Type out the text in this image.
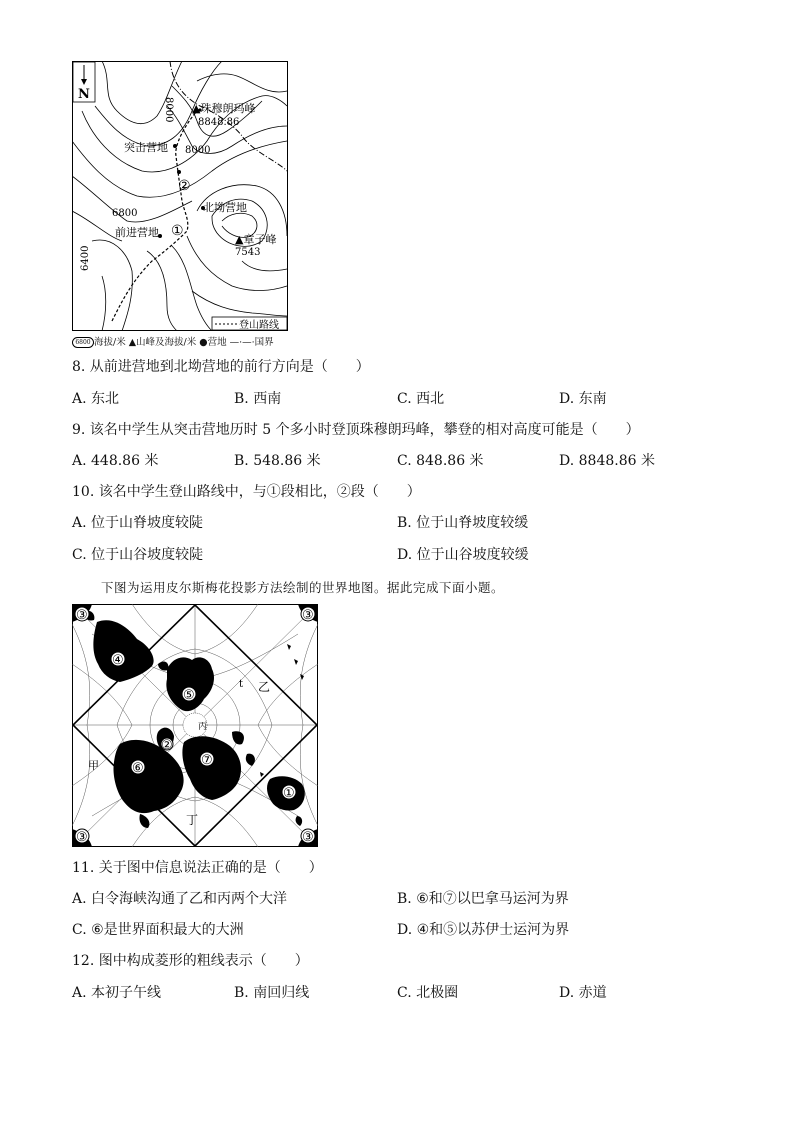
N
▲珠穆朗玛峰
8848.86
突击营地
北坳营地
前进营地
▲章子峰
7543
8000
8000
6800
6400
①
②
登山路线
6800 海拔/米 ▲山峰及海拔/米 ●营地 —·—·国界
8. 从前进营地到北坳营地的前行方向是（　　）
A. 东北	B. 西南	C. 西北	D. 东南
9. 该名中学生从突击营地历时 5 个多小时登顶珠穆朗玛峰，攀登的相对高度可能是（　　）
A. 448.86 米	B. 548.86 米	C. 848.86 米	D. 8848.86 米
10. 该名中学生登山路线中，与①段相比，②段（　　）
A. 位于山脊坡度较陡	B. 位于山脊坡度较缓
C. 位于山谷坡度较陡	D. 位于山谷坡度较缓
下图为运用皮尔斯梅花投影方法绘制的世界地图。据此完成下面小题。
④
⑤
②
⑥
⑦
①
③	③
③	③
乙
甲
丁
丙
t
11. 关于图中信息说法正确的是（　　）
A. 白令海峡沟通了乙和丙两个大洋	B. ⑥和⑦以巴拿马运河为界
C. ⑥是世界面积最大的大洲	D. ④和⑤以苏伊士运河为界
12. 图中构成菱形的粗线表示（　　）
A. 本初子午线	B. 南回归线	C. 北极圈	D. 赤道
